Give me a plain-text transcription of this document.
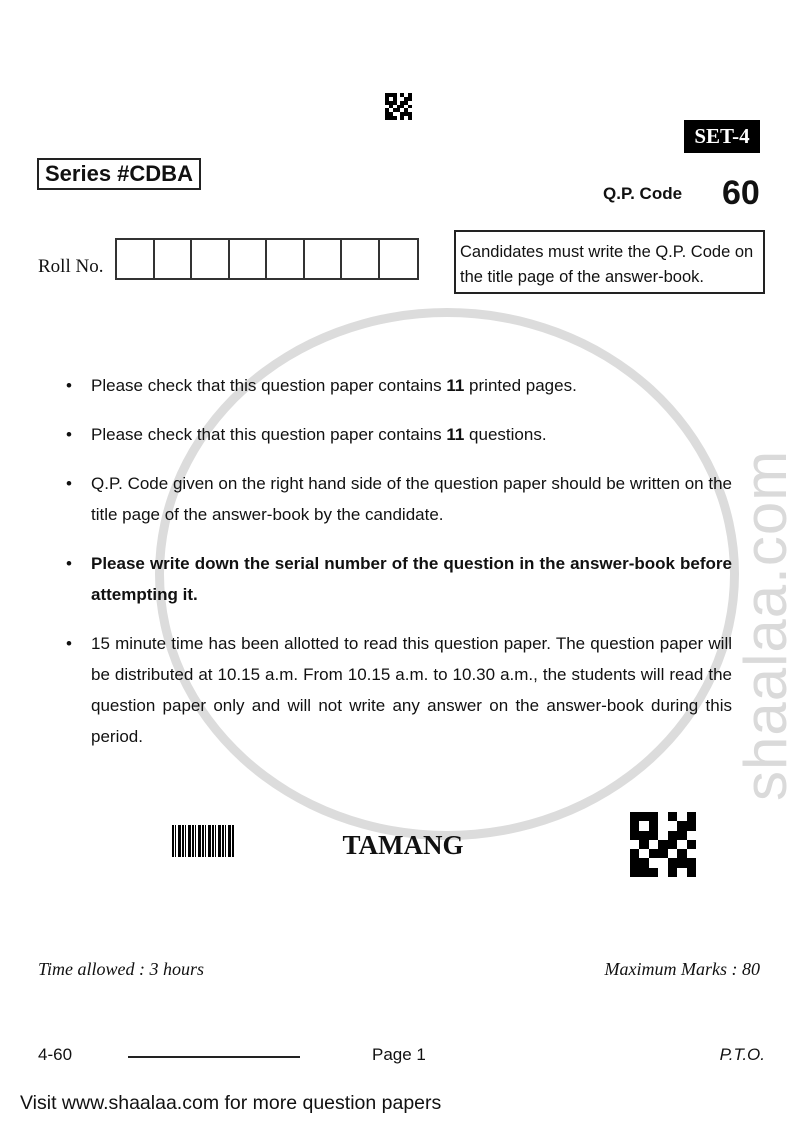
shaalaa.com
SET-4
Series #CDBA
Q.P. Code 60
Roll No.
Candidates must write the Q.P. Code on the title page of the answer-book.
• Please check that this question paper contains 11 printed pages.
• Please check that this question paper contains 11 questions.
• Q.P. Code given on the right hand side of the question paper should be written on the title page of the answer-book by the candidate.
• Please write down the serial number of the question in the answer-book before attempting it.
• 15 minute time has been allotted to read this question paper. The question paper will be distributed at 10.15 a.m. From 10.15 a.m. to 10.30 a.m., the students will read the question paper only and will not write any answer on the answer-book during this period.
TAMANG
Time allowed : 3 hours	Maximum Marks : 80
4-60	Page 1	P.T.O.
Visit www.shaalaa.com for more question papers
